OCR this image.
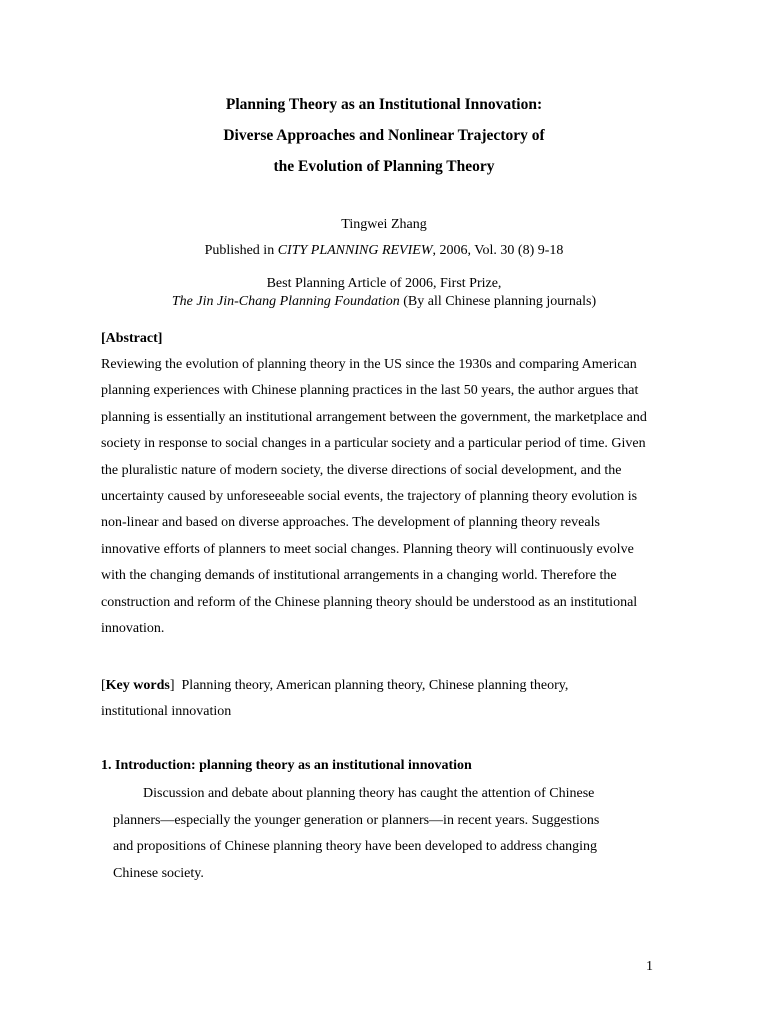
Planning Theory as an Institutional Innovation:
Diverse Approaches and Nonlinear Trajectory of
the Evolution of Planning Theory
Tingwei Zhang
Published in CITY PLANNING REVIEW, 2006, Vol. 30 (8) 9-18
Best Planning Article of 2006, First Prize,
The Jin Jin-Chang Planning Foundation (By all Chinese planning journals)
[Abstract]
Reviewing the evolution of planning theory in the US since the 1930s and comparing American
planning experiences with Chinese planning practices in the last 50 years, the author argues that
planning is essentially an institutional arrangement between the government, the marketplace and
society in response to social changes in a particular society and a particular period of time. Given
the pluralistic nature of modern society, the diverse directions of social development, and the
uncertainty caused by unforeseeable social events, the trajectory of planning theory evolution is
non-linear and based on diverse approaches. The development of planning theory reveals
innovative efforts of planners to meet social changes. Planning theory will continuously evolve
with the changing demands of institutional arrangements in a changing world. Therefore the
construction and reform of the Chinese planning theory should be understood as an institutional
innovation.
[Key words]  Planning theory, American planning theory, Chinese planning theory,
institutional innovation
1. Introduction: planning theory as an institutional innovation
Discussion and debate about planning theory has caught the attention of Chinese
planners—especially the younger generation or planners—in recent years. Suggestions
and propositions of Chinese planning theory have been developed to address changing
Chinese society.
1
